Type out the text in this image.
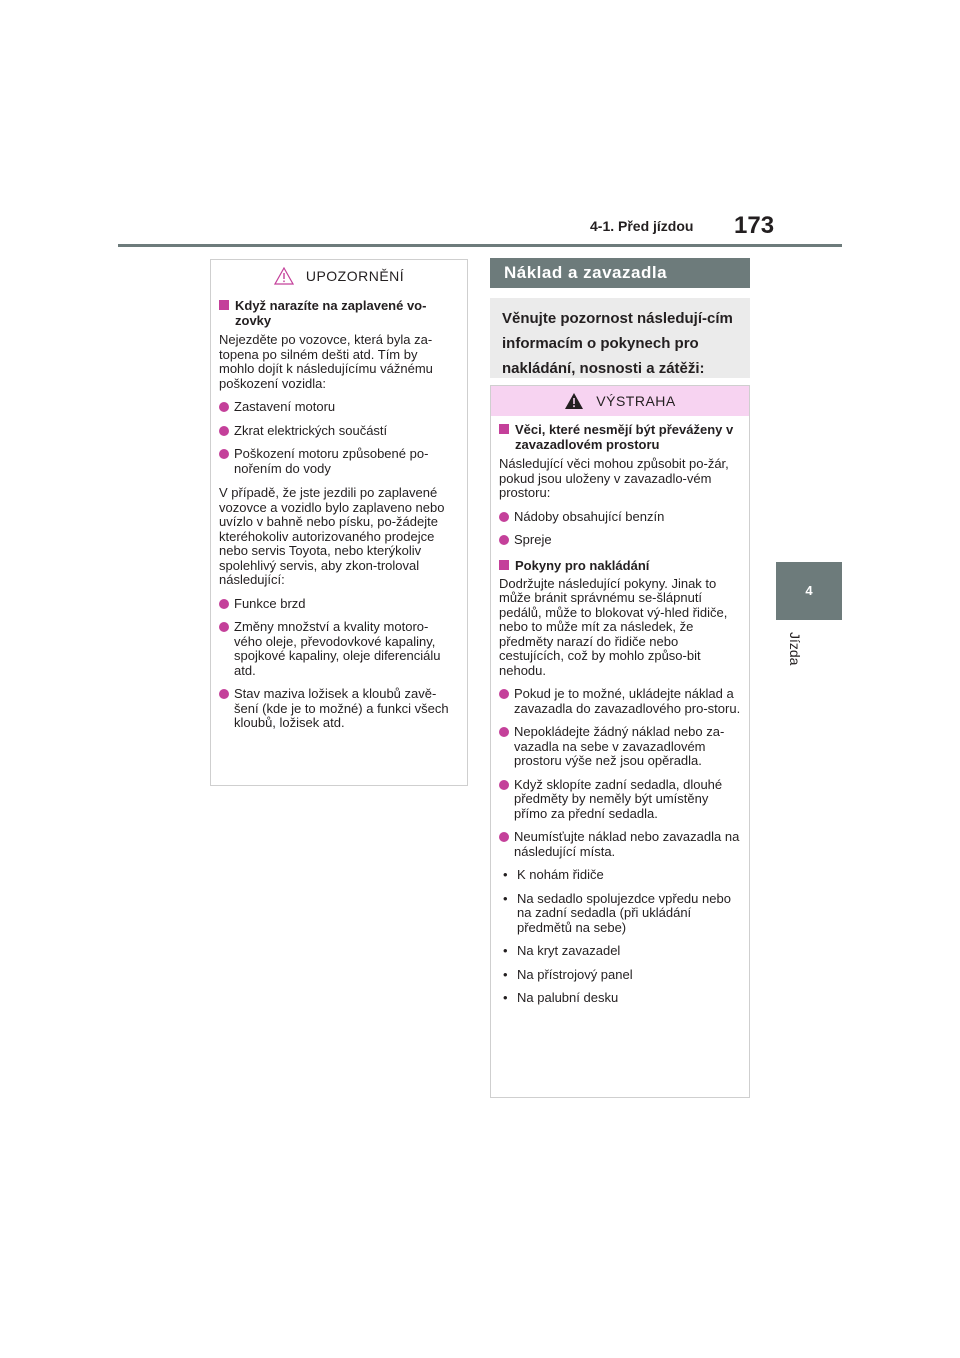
4-1. Před jízdou 173
4
Jízda
UPOZORNĚNÍ
Když narazíte na zaplavené vo-zovky
Nejezděte po vozovce, která byla za-topena po silném dešti atd. Tím by mohlo dojít k následujícímu vážnému poškození vozidla:
Zastavení motoru
Zkrat elektrických součástí
Poškození motoru způsobené po-nořením do vody
V případě, že jste jezdili po zaplavené vozovce a vozidlo bylo zaplaveno nebo uvízlo v bahně nebo písku, po-žádejte kteréhokoliv autorizovaného prodejce nebo servis Toyota, nebo kterýkoliv spolehlivý servis, aby zkon-troloval následující:
Funkce brzd
Změny množství a kvality motoro-vého oleje, převodovkové kapaliny, spojkové kapaliny, oleje diferenciálu atd.
Stav maziva ložisek a kloubů zavě-šení (kde je to možné) a funkci všech kloubů, ložisek atd.
Náklad a zavazadla
Věnujte pozornost následují-cím informacím o pokynech pro nakládání, nosnosti a zátěži:
VÝSTRAHA
Věci, které nesmějí být převáženy v zavazadlovém prostoru
Následující věci mohou způsobit po-žár, pokud jsou uloženy v zavazadlo-vém prostoru:
Nádoby obsahující benzín
Spreje
Pokyny pro nakládání
Dodržujte následující pokyny. Jinak to může bránit správnému se-šlápnutí pedálů, může to blokovat vý-hled řidiče, nebo to může mít za následek, že předměty narazí do řidiče nebo cestujících, což by mohlo způso-bit nehodu.
Pokud je to možné, ukládejte náklad a zavazadla do zavazadlového pro-storu.
Nepokládejte žádný náklad nebo za-vazadla na sebe v zavazadlovém prostoru výše než jsou opěradla.
Když sklopíte zadní sedadla, dlouhé předměty by neměly být umístěny přímo za přední sedadla.
Neumísťujte náklad nebo zavazadla na následující místa.
• K nohám řidiče
• Na sedadlo spolujezdce vpředu nebo na zadní sedadla (při ukládání předmětů na sebe)
• Na kryt zavazadel
• Na přístrojový panel
• Na palubní desku
